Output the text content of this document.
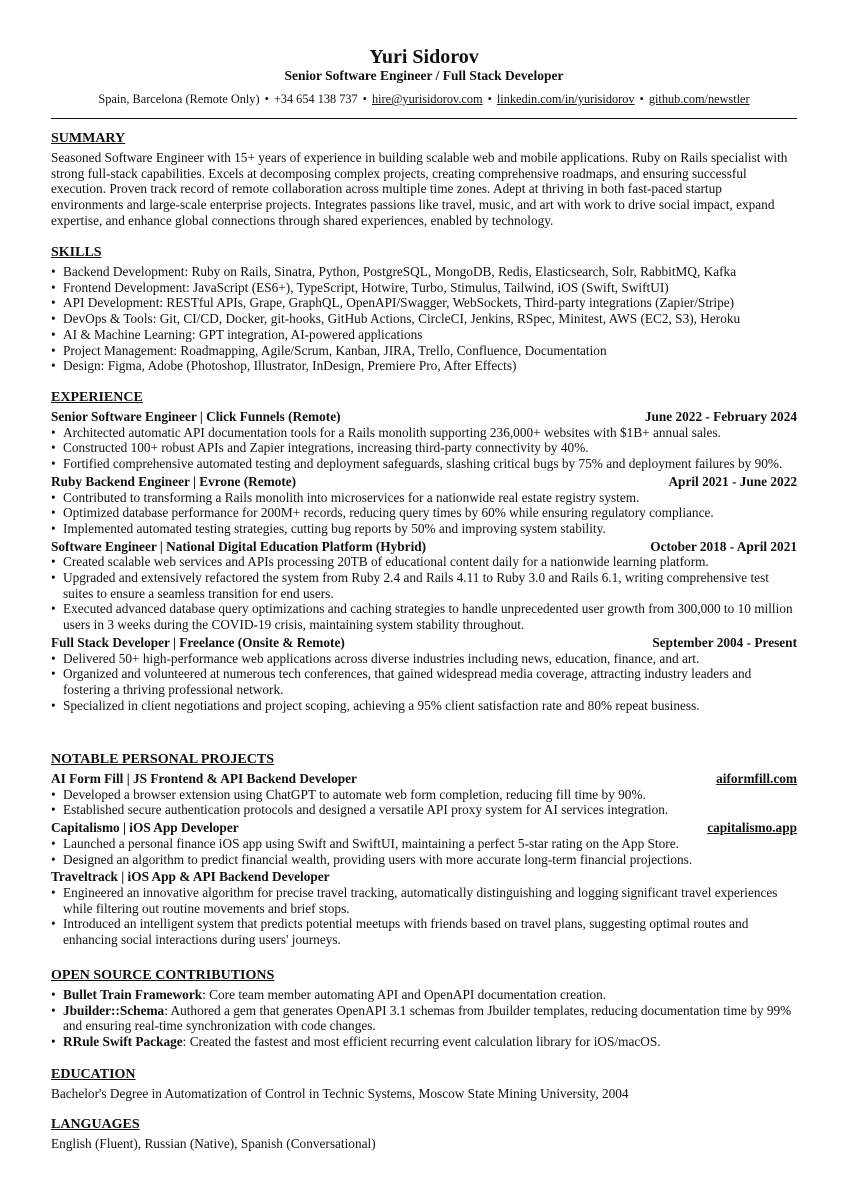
Yuri Sidorov
Senior Software Engineer / Full Stack Developer
Spain, Barcelona (Remote Only) • +34 654 138 737 • hire@yurisidorov.com • linkedin.com/in/yurisidorov • github.com/newstler
SUMMARY
Seasoned Software Engineer with 15+ years of experience in building scalable web and mobile applications. Ruby on Rails specialist with strong full-stack capabilities. Excels at decomposing complex projects, creating comprehensive roadmaps, and ensuring successful execution. Proven track record of remote collaboration across multiple time zones. Adept at thriving in both fast-paced startup environments and large-scale enterprise projects. Integrates passions like travel, music, and art with work to drive social impact, expand expertise, and enhance global connections through shared experiences, enabled by technology.
SKILLS
• Backend Development: Ruby on Rails, Sinatra, Python, PostgreSQL, MongoDB, Redis, Elasticsearch, Solr, RabbitMQ, Kafka
• Frontend Development: JavaScript (ES6+), TypeScript, Hotwire, Turbo, Stimulus, Tailwind, iOS (Swift, SwiftUI)
• API Development: RESTful APIs, Grape, GraphQL, OpenAPI/Swagger, WebSockets, Third-party integrations (Zapier/Stripe)
• DevOps & Tools: Git, CI/CD, Docker, git-hooks, GitHub Actions, CircleCI, Jenkins, RSpec, Minitest, AWS (EC2, S3), Heroku
• AI & Machine Learning: GPT integration, AI-powered applications
• Project Management: Roadmapping, Agile/Scrum, Kanban, JIRA, Trello, Confluence, Documentation
• Design: Figma, Adobe (Photoshop, Illustrator, InDesign, Premiere Pro, After Effects)
EXPERIENCE
Senior Software Engineer | Click Funnels (Remote)	June 2022 - February 2024
• Architected automatic API documentation tools for a Rails monolith supporting 236,000+ websites with $1B+ annual sales.
• Constructed 100+ robust APIs and Zapier integrations, increasing third-party connectivity by 40%.
• Fortified comprehensive automated testing and deployment safeguards, slashing critical bugs by 75% and deployment failures by 90%.
Ruby Backend Engineer | Evrone (Remote)	April 2021 - June 2022
• Contributed to transforming a Rails monolith into microservices for a nationwide real estate registry system.
• Optimized database performance for 200M+ records, reducing query times by 60% while ensuring regulatory compliance.
• Implemented automated testing strategies, cutting bug reports by 50% and improving system stability.
Software Engineer | National Digital Education Platform (Hybrid)	October 2018 - April 2021
• Created scalable web services and APIs processing 20TB of educational content daily for a nationwide learning platform.
• Upgraded and extensively refactored the system from Ruby 2.4 and Rails 4.11 to Ruby 3.0 and Rails 6.1, writing comprehensive test suites to ensure a seamless transition for end users.
• Executed advanced database query optimizations and caching strategies to handle unprecedented user growth from 300,000 to 10 million users in 3 weeks during the COVID-19 crisis, maintaining system stability throughout.
Full Stack Developer | Freelance (Onsite & Remote)	September 2004 - Present
• Delivered 50+ high-performance web applications across diverse industries including news, education, finance, and art.
• Organized and volunteered at numerous tech conferences, that gained widespread media coverage, attracting industry leaders and fostering a thriving professional network.
• Specialized in client negotiations and project scoping, achieving a 95% client satisfaction rate and 80% repeat business.
NOTABLE PERSONAL PROJECTS
AI Form Fill | JS Frontend & API Backend Developer	aiformfill.com
• Developed a browser extension using ChatGPT to automate web form completion, reducing fill time by 90%.
• Established secure authentication protocols and designed a versatile API proxy system for AI services integration.
Capitalismo | iOS App Developer	capitalismo.app
• Launched a personal finance iOS app using Swift and SwiftUI, maintaining a perfect 5-star rating on the App Store.
• Designed an algorithm to predict financial wealth, providing users with more accurate long-term financial projections.
Traveltrack | iOS App & API Backend Developer
• Engineered an innovative algorithm for precise travel tracking, automatically distinguishing and logging significant travel experiences while filtering out routine movements and brief stops.
• Introduced an intelligent system that predicts potential meetups with friends based on travel plans, suggesting optimal routes and enhancing social interactions during users' journeys.
OPEN SOURCE CONTRIBUTIONS
• Bullet Train Framework: Core team member automating API and OpenAPI documentation creation.
• Jbuilder::Schema: Authored a gem that generates OpenAPI 3.1 schemas from Jbuilder templates, reducing documentation time by 99% and ensuring real-time synchronization with code changes.
• RRule Swift Package: Created the fastest and most efficient recurring event calculation library for iOS/macOS.
EDUCATION
Bachelor's Degree in Automatization of Control in Technic Systems, Moscow State Mining University, 2004
LANGUAGES
English (Fluent), Russian (Native), Spanish (Conversational)
